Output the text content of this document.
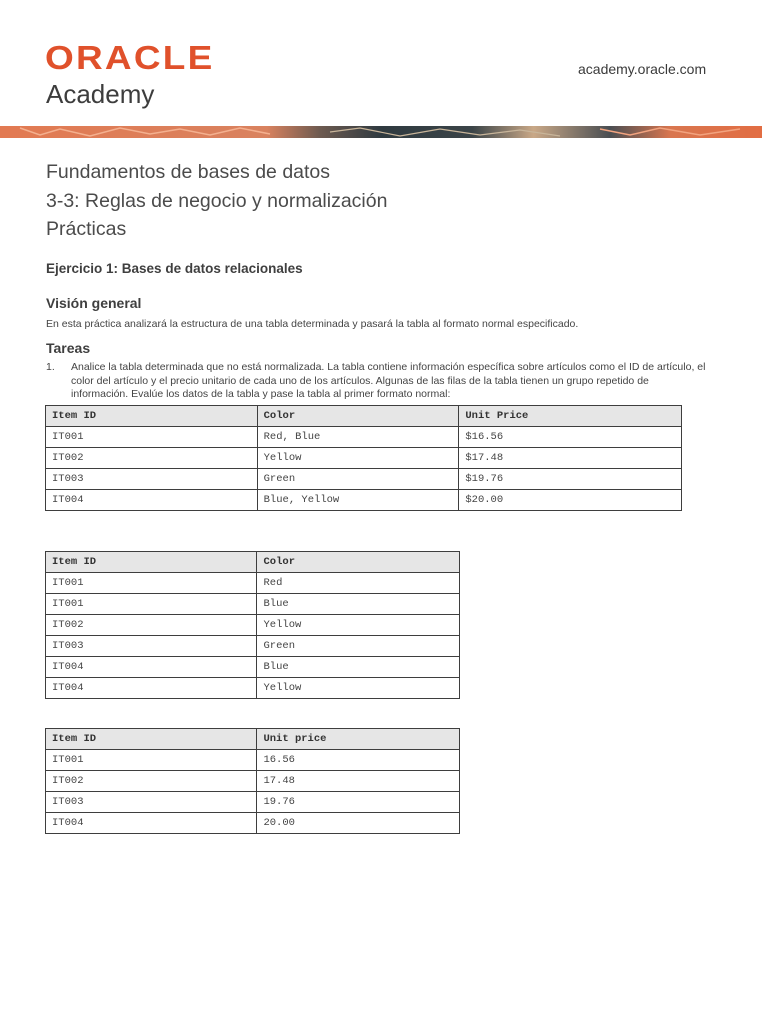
ORACLE
Academy
academy.oracle.com
Fundamentos de bases de datos
3-3: Reglas de negocio y normalización
Prácticas
Ejercicio 1: Bases de datos relacionales
Visión general
En esta práctica analizará la estructura de una tabla determinada y pasará la tabla al formato normal especificado.
Tareas
1. Analice la tabla determinada que no está normalizada. La tabla contiene información específica sobre artículos como el ID de artículo, el color del artículo y el precio unitario de cada uno de los artículos. Algunas de las filas de la tabla tienen un grupo repetido de información. Evalúe los datos de la tabla y pase la tabla al primer formato normal:
Item ID	Color	Unit Price
IT001	Red, Blue	$16.56
IT002	Yellow	$17.48
IT003	Green	$19.76
IT004	Blue, Yellow	$20.00
Item ID	Color
IT001	Red
IT001	Blue
IT002	Yellow
IT003	Green
IT004	Blue
IT004	Yellow
Item ID	Unit price
IT001	16.56
IT002	17.48
IT003	19.76
IT004	20.00
